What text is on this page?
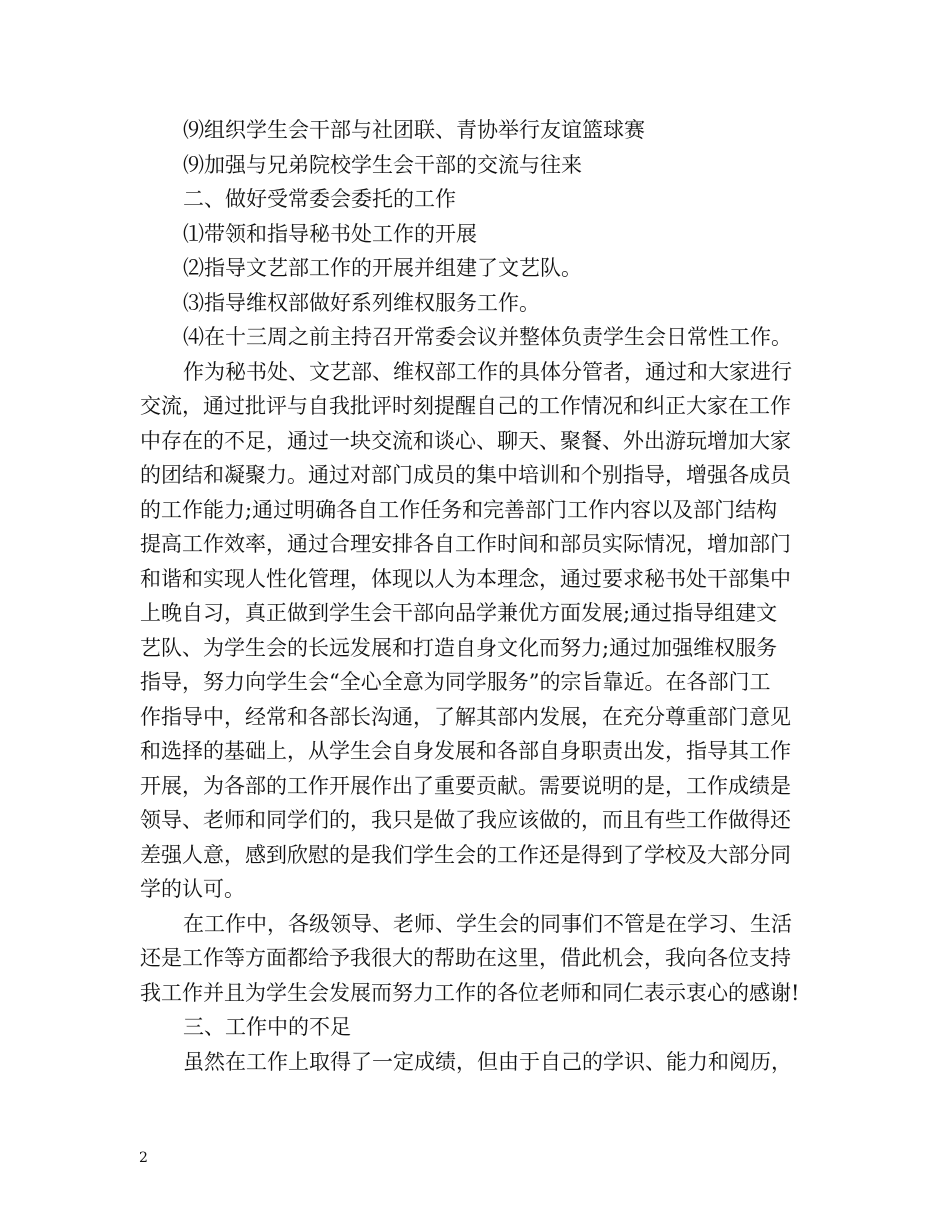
⑼组织学生会干部与社团联、青协举行友谊篮球赛
⑼加强与兄弟院校学生会干部的交流与往来
二、做好受常委会委托的工作
⑴带领和指导秘书处工作的开展
⑵指导文艺部工作的开展并组建了文艺队。
⑶指导维权部做好系列维权服务工作。
⑷在十三周之前主持召开常委会议并整体负责学生会日常性工作。
作为秘书处、文艺部、维权部工作的具体分管者，通过和大家进行
交流，通过批评与自我批评时刻提醒自己的工作情况和纠正大家在工作
中存在的不足，通过一块交流和谈心、聊天、聚餐、外出游玩增加大家
的团结和凝聚力。通过对部门成员的集中培训和个别指导，增强各成员
的工作能力;通过明确各自工作任务和完善部门工作内容以及部门结构
提高工作效率，通过合理安排各自工作时间和部员实际情况，增加部门
和谐和实现人性化管理，体现以人为本理念，通过要求秘书处干部集中
上晚自习，真正做到学生会干部向品学兼优方面发展;通过指导组建文
艺队、为学生会的长远发展和打造自身文化而努力;通过加强维权服务
指导，努力向学生会“全心全意为同学服务”的宗旨靠近。在各部门工
作指导中，经常和各部长沟通，了解其部内发展，在充分尊重部门意见
和选择的基础上，从学生会自身发展和各部自身职责出发，指导其工作
开展，为各部的工作开展作出了重要贡献。需要说明的是，工作成绩是
领导、老师和同学们的，我只是做了我应该做的，而且有些工作做得还
差强人意，感到欣慰的是我们学生会的工作还是得到了学校及大部分同
学的认可。
在工作中，各级领导、老师、学生会的同事们不管是在学习、生活
还是工作等方面都给予我很大的帮助在这里，借此机会，我向各位支持
我工作并且为学生会发展而努力工作的各位老师和同仁表示衷心的感谢!
三、工作中的不足
虽然在工作上取得了一定成绩，但由于自己的学识、能力和阅历，
2
